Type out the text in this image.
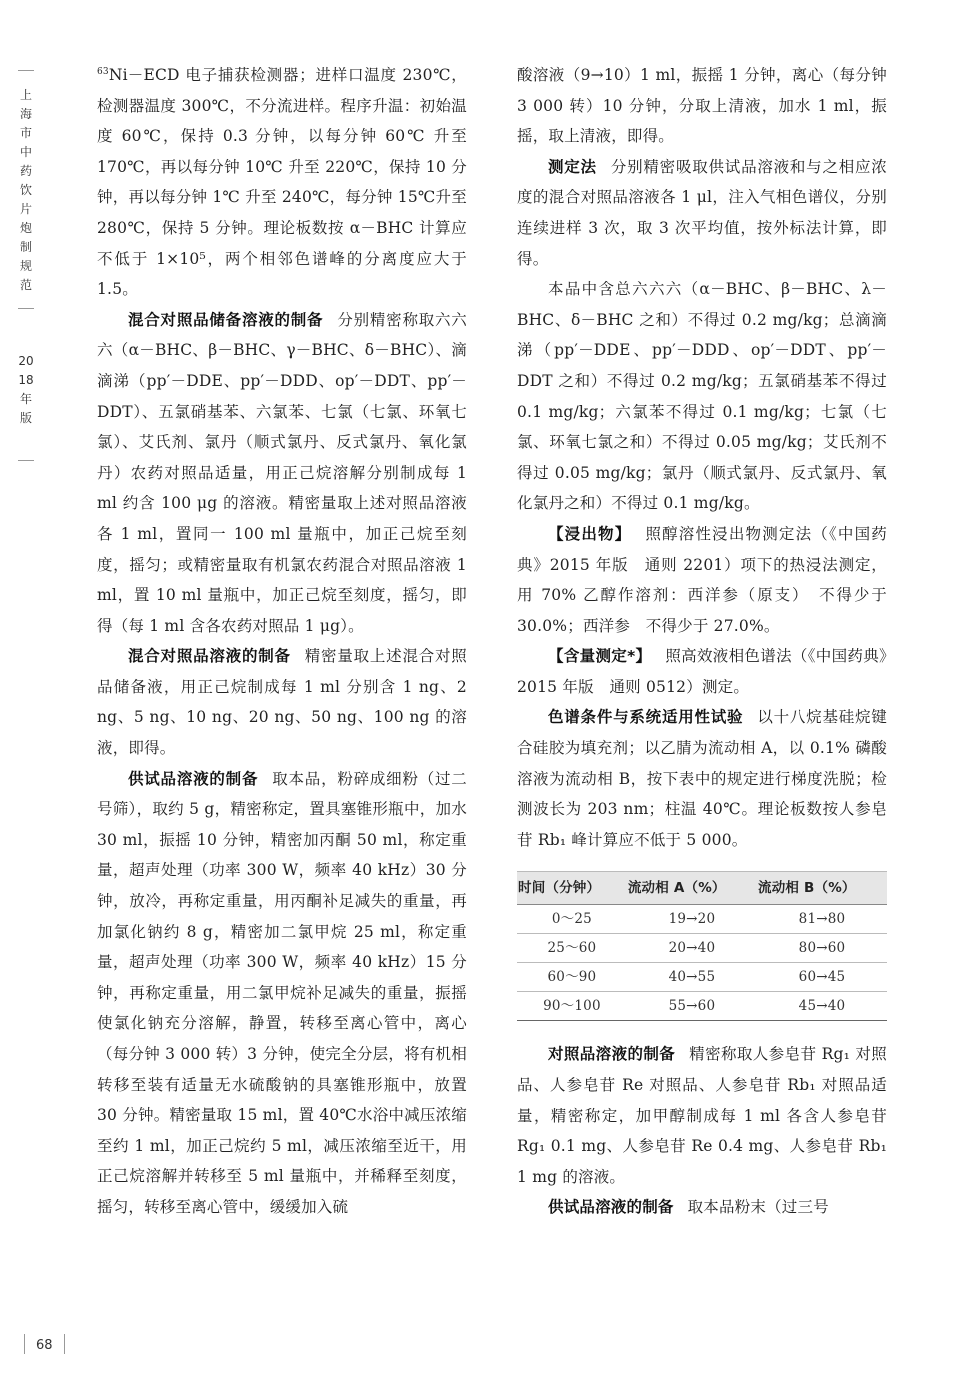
上海市中药饮片炮制规范
2018年版

$^{63}$Ni－ECD 电子捕获检测器；进样口温度 230℃，检测器温度 300℃，不分流进样。程序升温：初始温度 60℃，保持 0.3 分钟，以每分钟 60℃ 升至 170℃，再以每分钟 10℃ 升至 220℃，保持 10 分钟，再以每分钟 1℃ 升至 240℃，每分钟 15℃升至 280℃，保持 5 分钟。理论板数按 α－BHC 计算应不低于 1×10⁵，两个相邻色谱峰的分离度应大于 1.5。

混合对照品储备溶液的制备 分别精密称取六六六（α－BHC、β－BHC、γ－BHC、δ－BHC）、滴滴涕（pp′－DDE、pp′－DDD、op′－DDT、pp′－DDT）、五氯硝基苯、六氯苯、七氯（七氯、环氧七氯）、艾氏剂、氯丹（顺式氯丹、反式氯丹、氧化氯丹）农药对照品适量，用正己烷溶解分别制成每 1 ml 约含 100 μg 的溶液。精密量取上述对照品溶液各 1 ml，置同一 100 ml 量瓶中，加正己烷至刻度，摇匀；或精密量取有机氯农药混合对照品溶液 1 ml，置 10 ml 量瓶中，加正己烷至刻度，摇匀，即得（每 1 ml 含各农药对照品 1 μg）。

混合对照品溶液的制备 精密量取上述混合对照品储备液，用正己烷制成每 1 ml 分别含 1 ng、2 ng、5 ng、10 ng、20 ng、50 ng、100 ng 的溶液，即得。

供试品溶液的制备 取本品，粉碎成细粉（过二号筛），取约 5 g，精密称定，置具塞锥形瓶中，加水 30 ml，振摇 10 分钟，精密加丙酮 50 ml，称定重量，超声处理（功率 300 W，频率 40 kHz）30 分钟，放冷，再称定重量，用丙酮补足减失的重量，再加氯化钠约 8 g，精密加二氯甲烷 25 ml，称定重量，超声处理（功率 300 W，频率 40 kHz）15 分钟，再称定重量，用二氯甲烷补足减失的重量，振摇使氯化钠充分溶解，静置，转移至离心管中，离心（每分钟 3 000 转）3 分钟，使完全分层，将有机相转移至装有适量无水硫酸钠的具塞锥形瓶中，放置 30 分钟。精密量取 15 ml，置 40℃水浴中减压浓缩至约 1 ml，加正己烷约 5 ml，减压浓缩至近干，用正己烷溶解并转移至 5 ml 量瓶中，并稀释至刻度，摇匀，转移至离心管中，缓缓加入硫

酸溶液（9→10）1 ml，振摇 1 分钟，离心（每分钟 3 000 转）10 分钟，分取上清液，加水 1 ml，振摇，取上清液，即得。

测定法 分别精密吸取供试品溶液和与之相应浓度的混合对照品溶液各 1 μl，注入气相色谱仪，分别连续进样 3 次，取 3 次平均值，按外标法计算，即得。

本品中含总六六六（α－BHC、β－BHC、λ－BHC、δ－BHC 之和）不得过 0.2 mg/kg；总滴滴涕（pp′－DDE、pp′－DDD、op′－DDT、pp′－DDT 之和）不得过 0.2 mg/kg；五氯硝基苯不得过 0.1 mg/kg；六氯苯不得过 0.1 mg/kg；七氯（七氯、环氧七氯之和）不得过 0.05 mg/kg；艾氏剂不得过 0.05 mg/kg；氯丹（顺式氯丹、反式氯丹、氧化氯丹之和）不得过 0.1 mg/kg。

【浸出物】 照醇溶性浸出物测定法（《中国药典》2015 年版　通则 2201）项下的热浸法测定，用 70% 乙醇作溶剂：西洋参（原支）　不得少于 30.0%；西洋参　不得少于 27.0%。

【含量测定*】 照高效液相色谱法（《中国药典》2015 年版　通则 0512）测定。

色谱条件与系统适用性试验 以十八烷基硅烷键合硅胶为填充剂；以乙腈为流动相 A，以 0.1% 磷酸溶液为流动相 B，按下表中的规定进行梯度洗脱；检测波长为 203 nm；柱温 40℃。理论板数按人参皂苷 Rb₁ 峰计算应不低于 5 000。

时间（分钟）	流动相 A（%）	流动相 B（%）
0～25	19→20	81→80
25～60	20→40	80→60
60～90	40→55	60→45
90～100	55→60	45→40

对照品溶液的制备 精密称取人参皂苷 Rg₁ 对照品、人参皂苷 Re 对照品、人参皂苷 Rb₁ 对照品适量，精密称定，加甲醇制成每 1 ml 各含人参皂苷 Rg₁ 0.1 mg、人参皂苷 Re 0.4 mg、人参皂苷 Rb₁ 1 mg 的溶液。

供试品溶液的制备 取本品粉末（过三号

68
